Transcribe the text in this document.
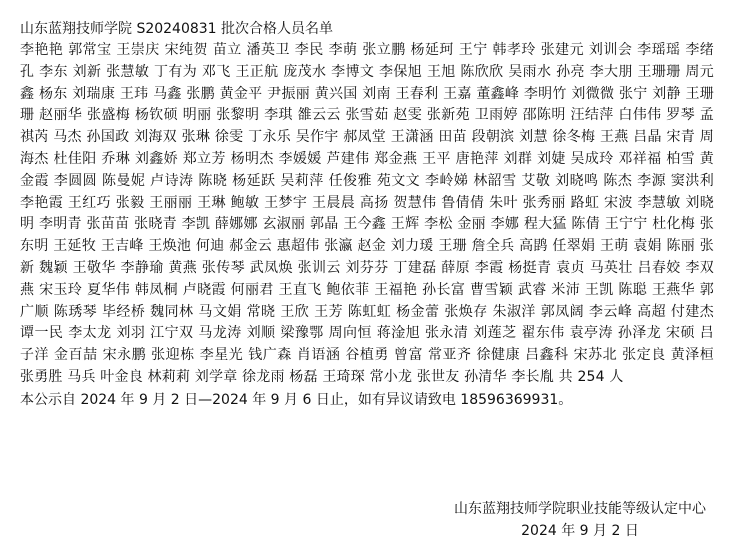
山东蓝翔技师学院 S20240831 批次合格人员名单
李艳艳 郭常宝 王崇庆 宋纯贺 苗立 潘英卫 李民 李萌 张立鹏 杨延珂 王宁 韩孝玲 张建元 刘训会 李瑶瑶 李绪孔 李东 刘新 张慧敏 丁有为 邓飞 王正航 庞茂水 李博文 李保旭 王旭 陈欣欣 吴雨水 孙亮 李大朋 王珊珊 周元鑫 杨东 刘瑞康 王玮 马鑫 张鹏 黄金平 尹振丽 黄兴国 刘南 王春利 王嘉 董鑫峰 李明竹 刘微微 张宁 刘静 王珊珊 赵丽华 张盛梅 杨钦硕 明丽 张黎明 李琪 雒云云 张雪茹 赵雯 张新苑 卫雨婷 邵陈明 汪结萍 白伟伟 罗琴 孟祺芮 马杰 孙国政 刘海双 张琳 徐雯 丁永乐 吴作宇 郝凤堂 王潇涵 田苗 段朝滨 刘慧 徐冬梅 王燕 吕晶 宋青 周海杰 杜佳阳 乔琳 刘鑫娇 郑立芳 杨明杰 李媛媛 芦建伟 郑金燕 王平 唐艳萍 刘群 刘婕 吴成玲 邓祥福 柏雪 黄金霞 李圆圆 陈曼妮 卢诗涛 陈晓 杨延跃 吴莉萍 任俊雅 苑文文 李岭娣 林韶雪 艾敬 刘晓鸣 陈杰 李源 窦洪利 李艳霞 王红巧 张毅 王丽丽 王琳 鲍敏 王梦宇 王晨晨 高扬 贺慧伟 鲁倩倩 朱叶 张秀丽 路虹 宋波 李慧敏 刘晓明 李明青 张苗苗 张晓青 李凯 薛娜娜 玄淑丽 郭晶 王今鑫 王辉 李松 金丽 李娜 程大猛 陈倩 王宁宁 杜化梅 张东明 王延牧 王吉峰 王焕池 何迪 郝金云 惠超伟 张瀛 赵金 刘力瑗 王珊 詹全兵 高鹍 任翠娟 王萌 袁娟 陈丽 张新 魏颖 王敬华 李静瑜 黄燕 张传琴 武凤焕 张训云 刘芬芬 丁建磊 薛原 李霞 杨挺青 袁贞 马英壮 吕春姣 李双燕 宋玉玲 夏华伟 韩凤桐 卢晓霞 何丽君 王直飞 鲍依菲 王福艳 孙长富 曹雪颖 武睿 米沛 王凯 陈聪 王燕华 郭广顺 陈琇琴 毕经桥 魏同林 马文娟 常晓 王欣 王芳 陈虹虹 杨金蕾 张焕存 朱淑洋 郭凤阔 李云峰 高超 付建杰 谭一民 李太龙 刘羽 江宁双 马龙涛 刘顺 梁豫鄂 周向恒 蒋淦旭 张永清 刘莲芝 翟东伟 袁亭涛 孙泽龙 宋硕 吕子洋 金百喆 宋永鹏 张迎栋 李星光 钱广森 肖语涵 谷植勇 曾富 常亚齐 徐健康 吕鑫科 宋苏北 张定良 黄泽桓 张勇胜 马兵 叶金良 林莉莉 刘学章 徐龙雨 杨磊 王琦琛 常小龙 张世友 孙清华 李长胤 共 254 人
本公示自 2024 年 9 月 2 日—2024 年 9 月 6 日止，如有异议请致电 18596369931。
山东蓝翔技师学院职业技能等级认定中心
2024 年 9 月 2 日
